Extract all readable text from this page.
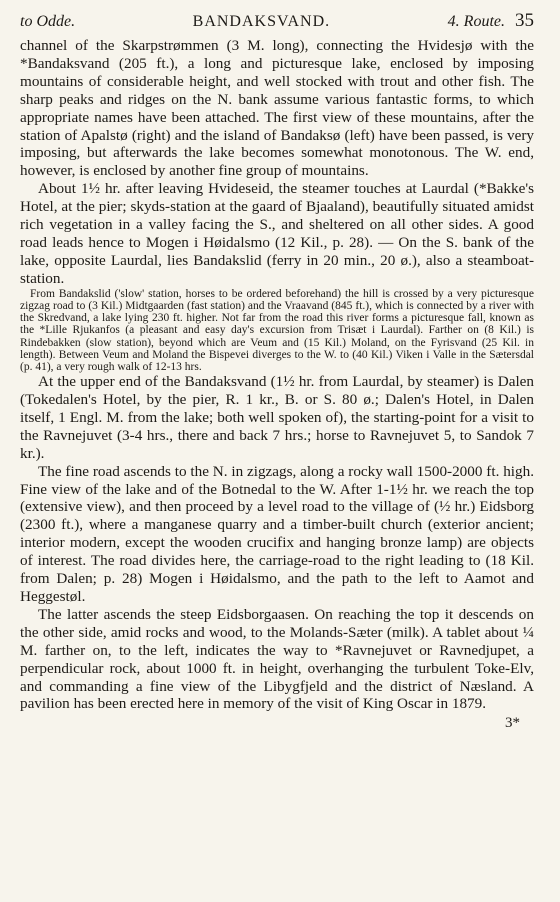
to Odde.	BANDAKSVAND.	4. Route. 35

channel of the Skarpstrømmen (3 M. long), connecting the Hvidesjø with the *Bandaksvand (205 ft.), a long and picturesque lake, enclosed by imposing mountains of considerable height, and well stocked with trout and other fish. The sharp peaks and ridges on the N. bank assume various fantastic forms, to which appropriate names have been attached. The first view of these mountains, after the station of Apalstø (right) and the island of Bandaksø (left) have been passed, is very imposing, but afterwards the lake becomes somewhat monotonous. The W. end, however, is enclosed by another fine group of mountains.

About 1½ hr. after leaving Hvideseid, the steamer touches at Laurdal (*Bakke's Hotel, at the pier; skyds-station at the gaard of Bjaaland), beautifully situated amidst rich vegetation in a valley facing the S., and sheltered on all other sides. A good road leads hence to Mogen i Høidalsmo (12 Kil., p. 28). — On the S. bank of the lake, opposite Laurdal, lies Bandakslid (ferry in 20 min., 20 ø.), also a steamboat-station.

From Bandakslid ('slow' station, horses to be ordered beforehand) the hill is crossed by a very picturesque zigzag road to (3 Kil.) Midtgaarden (fast station) and the Vraavand (845 ft.), which is connected by a river with the Skredvand, a lake lying 230 ft. higher. Not far from the road this river forms a picturesque fall, known as the *Lille Rjukanfos (a pleasant and easy day's excursion from Trisæt i Laurdal). Farther on (8 Kil.) is Rindebakken (slow station), beyond which are Veum and (15 Kil.) Moland, on the Fyrisvand (25 Kil. in length). Between Veum and Moland the Bispevei diverges to the W. to (40 Kil.) Viken i Valle in the Sætersdal (p. 41), a very rough walk of 12-13 hrs.

At the upper end of the Bandaksvand (1½ hr. from Laurdal, by steamer) is Dalen (Tokedalen's Hotel, by the pier, R. 1 kr., B. or S. 80 ø.; Dalen's Hotel, in Dalen itself, 1 Engl. M. from the lake; both well spoken of), the starting-point for a visit to the Ravnejuvet (3-4 hrs., there and back 7 hrs.; horse to Ravnejuvet 5, to Sandok 7 kr.).

The fine road ascends to the N. in zigzags, along a rocky wall 1500-2000 ft. high. Fine view of the lake and of the Botnedal to the W. After 1-1½ hr. we reach the top (extensive view), and then proceed by a level road to the village of (½ hr.) Eidsborg (2300 ft.), where a manganese quarry and a timber-built church (exterior ancient; interior modern, except the wooden crucifix and hanging bronze lamp) are objects of interest. The road divides here, the carriage-road to the right leading to (18 Kil. from Dalen; p. 28) Mogen i Høidalsmo, and the path to the left to Aamot and Heggestøl.

The latter ascends the steep Eidsborgaasen. On reaching the top it descends on the other side, amid rocks and wood, to the Molands-Sæter (milk). A tablet about ¼ M. farther on, to the left, indicates the way to *Ravnejuvet or Ravnedjupet, a perpendicular rock, about 1000 ft. in height, overhanging the turbulent Toke-Elv, and commanding a fine view of the Libygfjeld and the district of Næsland. A pavilion has been erected here in memory of the visit of King Oscar in 1879.

3*
